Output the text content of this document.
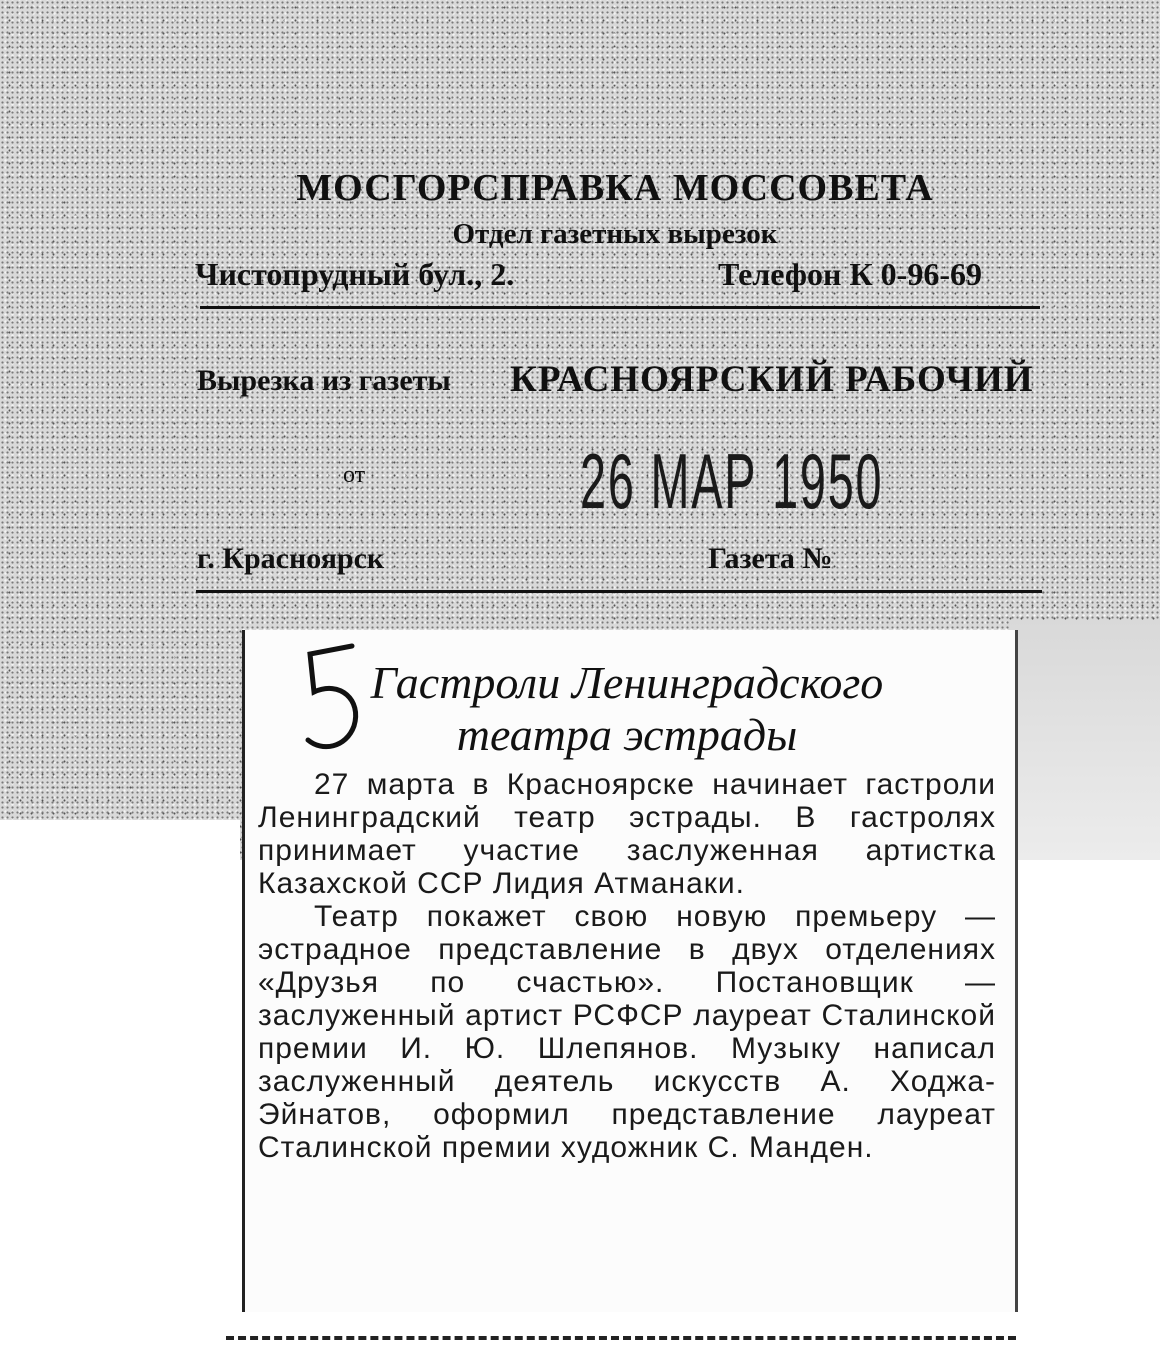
МОСГОРСПРАВКА МОССОВЕТА
Отдел газетных вырезок
Чистопрудный бул., 2.	Телефон К 0-96-69
Вырезка из газеты КРАСНОЯРСКИЙ РАБОЧИЙ
от	26 МАР 1950
г. Красноярск	Газета №
Гастроли Ленинградского
театра эстрады

27 марта в Красноярске начинает гастроли Ленинградский театр эстрады. В гастролях принимает участие заслуженная артистка Казахской ССР Лидия Атманаки.

Театр покажет свою новую премьеру — эстрадное представление в двух отделениях «Друзья по счастью». Постановщик — заслуженный артист РСФСР лауреат Сталинской премии И. Ю. Шлепянов. Музыку написал заслуженный деятель искусств А. Ходжа-Эйнатов, оформил представление лауреат Сталинской премии художник С. Манден.
